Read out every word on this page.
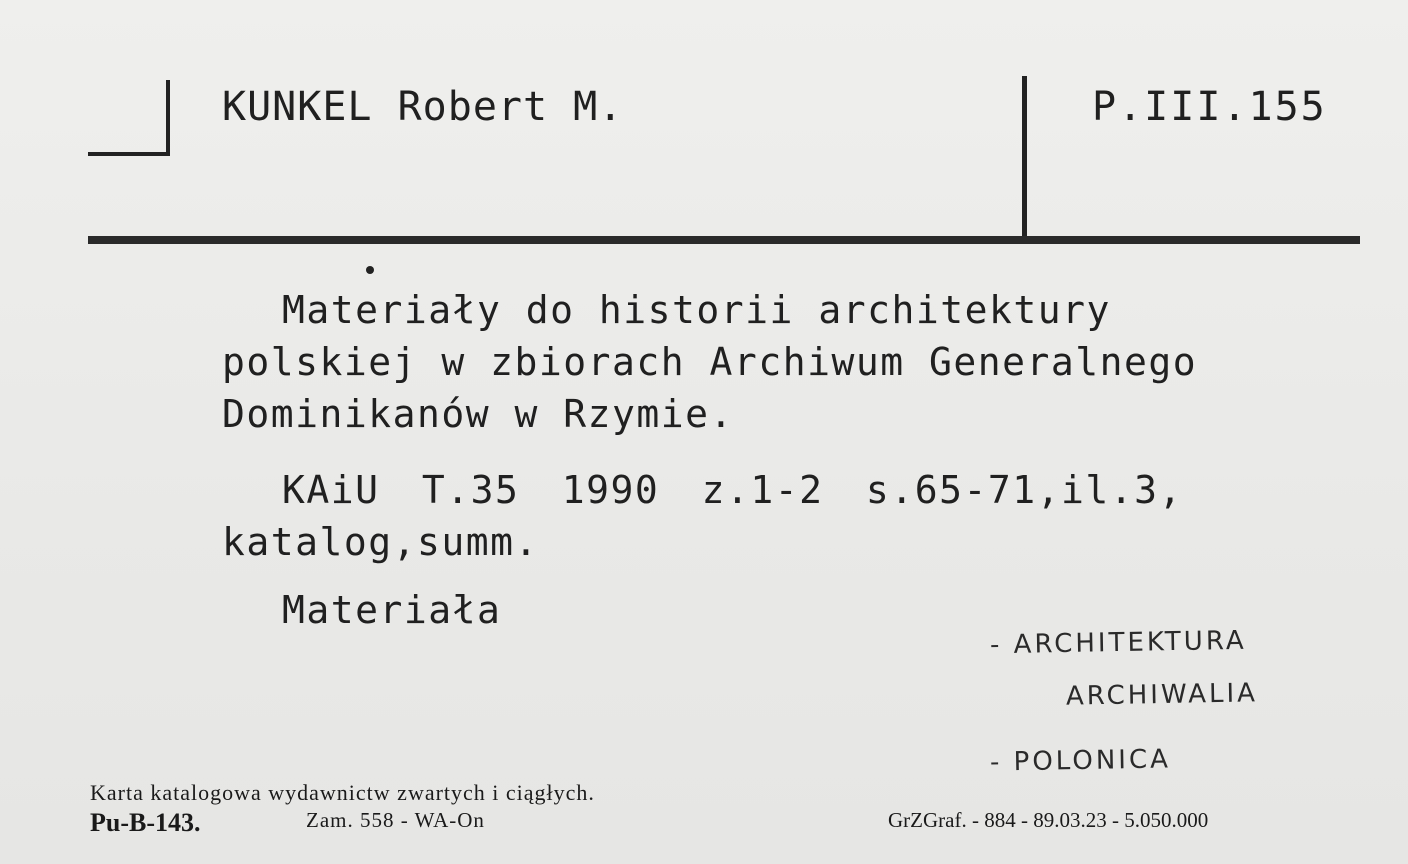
KUNKEL Robert M.	P.III.155
Materiały do historii architektury
polskiej w zbiorach Archiwum Generalnego
Dominikanów w Rzymie.
KAiU T.35 1990 z.1-2 s.65-71,il.3,
katalog,summ.
Materiała
- ARCHITEKTURA
ARCHIWALIA
- POLONICA
Karta katalogowa wydawnictw zwartych i ciągłych.
Pu-B-143.	Zam. 558 - WA-On	GrZGraf. - 884 - 89.03.23 - 5.050.000
